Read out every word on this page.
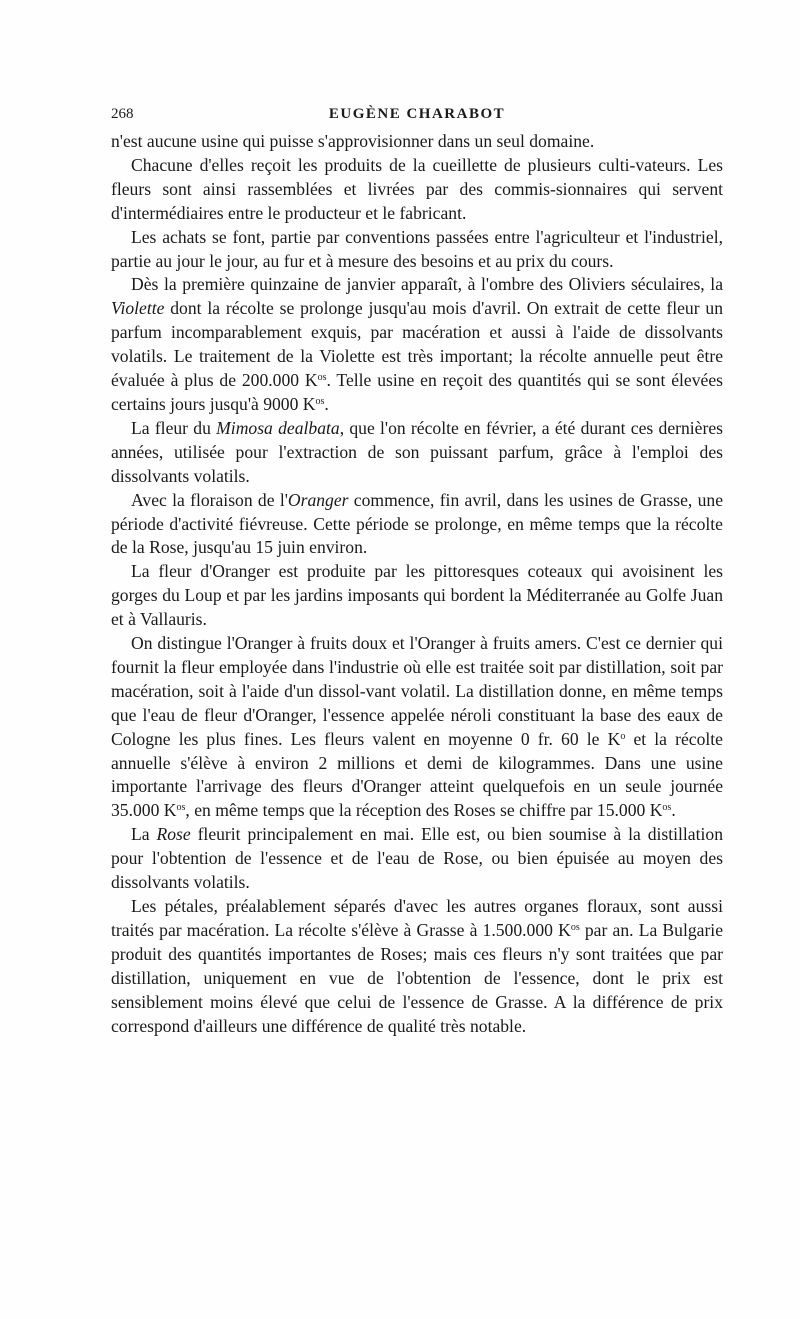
268	EUGÈNE CHARABOT

n'est aucune usine qui puisse s'approvisionner dans un seul domaine.

Chacune d'elles reçoit les produits de la cueillette de plusieurs culti-vateurs. Les fleurs sont ainsi rassemblées et livrées par des commis-sionnaires qui servent d'intermédiaires entre le producteur et le fabricant.

Les achats se font, partie par conventions passées entre l'agriculteur et l'industriel, partie au jour le jour, au fur et à mesure des besoins et au prix du cours.

Dès la première quinzaine de janvier apparaît, à l'ombre des Oliviers séculaires, la Violette dont la récolte se prolonge jusqu'au mois d'avril. On extrait de cette fleur un parfum incomparablement exquis, par macération et aussi à l'aide de dissolvants volatils. Le traitement de la Violette est très important; la récolte annuelle peut être évaluée à plus de 200.000 $K^{os}$. Telle usine en reçoit des quantités qui se sont élevées certains jours jusqu'à 9000 $K^{os}$.

La fleur du Mimosa dealbata, que l'on récolte en février, a été durant ces dernières années, utilisée pour l'extraction de son puissant parfum, grâce à l'emploi des dissolvants volatils.

Avec la floraison de l'Oranger commence, fin avril, dans les usines de Grasse, une période d'activité fiévreuse. Cette période se prolonge, en même temps que la récolte de la Rose, jusqu'au 15 juin environ.

La fleur d'Oranger est produite par les pittoresques coteaux qui avoisinent les gorges du Loup et par les jardins imposants qui bordent la Méditerranée au Golfe Juan et à Vallauris.

On distingue l'Oranger à fruits doux et l'Oranger à fruits amers. C'est ce dernier qui fournit la fleur employée dans l'industrie où elle est traitée soit par distillation, soit par macération, soit à l'aide d'un dissol-vant volatil. La distillation donne, en même temps que l'eau de fleur d'Oranger, l'essence appelée néroli constituant la base des eaux de Cologne les plus fines. Les fleurs valent en moyenne 0 fr. 60 le $K^o$ et la récolte annuelle s'élève à environ 2 millions et demi de kilogrammes. Dans une usine importante l'arrivage des fleurs d'Oranger atteint quelquefois en un seule journée 35.000 $K^{os}$, en même temps que la réception des Roses se chiffre par 15.000 $K^{os}$.

La Rose fleurit principalement en mai. Elle est, ou bien soumise à la distillation pour l'obtention de l'essence et de l'eau de Rose, ou bien épuisée au moyen des dissolvants volatils.

Les pétales, préalablement séparés d'avec les autres organes floraux, sont aussi traités par macération. La récolte s'élève à Grasse à 1.500.000 $K^{os}$ par an. La Bulgarie produit des quantités importantes de Roses; mais ces fleurs n'y sont traitées que par distillation, uniquement en vue de l'obtention de l'essence, dont le prix est sensiblement moins élevé que celui de l'essence de Grasse. A la différence de prix correspond d'ailleurs une différence de qualité très notable.
